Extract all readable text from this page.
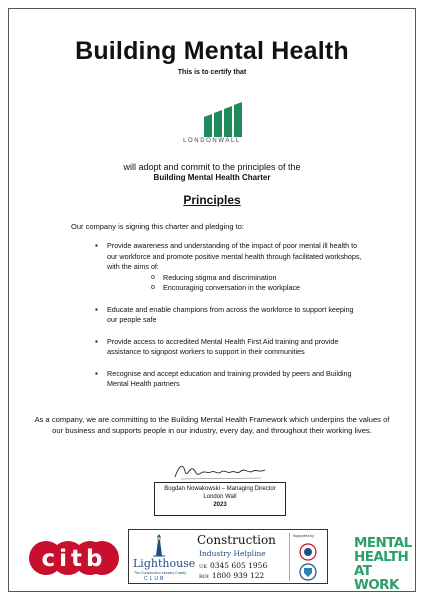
Building Mental Health
This is to certify that
LONDONWALL
will adopt and commit to the principles of the
Building Mental Health Charter
Principles
Our company is signing this charter and pledging to:
▪ Provide awareness and understanding of the impact of poor mental ill health to our workforce and promote positive mental health through facilitated workshops, with the aims of:
o Reducing stigma and discrimination
o Encouraging conversation in the workplace
▪ Educate and enable champions from across the workforce to support keeping our people safe
▪ Provide access to accredited Mental Health First Aid training and provide assistance to signpost workers to support in their communities
▪ Recognise and accept education and training provided by peers and Building Mental Health partners
As a company, we are committing to the Building Mental Health Framework which underpins the values of our business and supports people in our industry, every day, and throughout their working lives.
Bogdan Nowakowski – Managing Director
London Wall
2023
citb Lighthouse
The Construction Industry Charity
CLUB
Construction
Industry Helpline
UK 0345 605 1956
ROI 1800 939 122
Supported by	MENTAL
HEALTH
AT WORK
